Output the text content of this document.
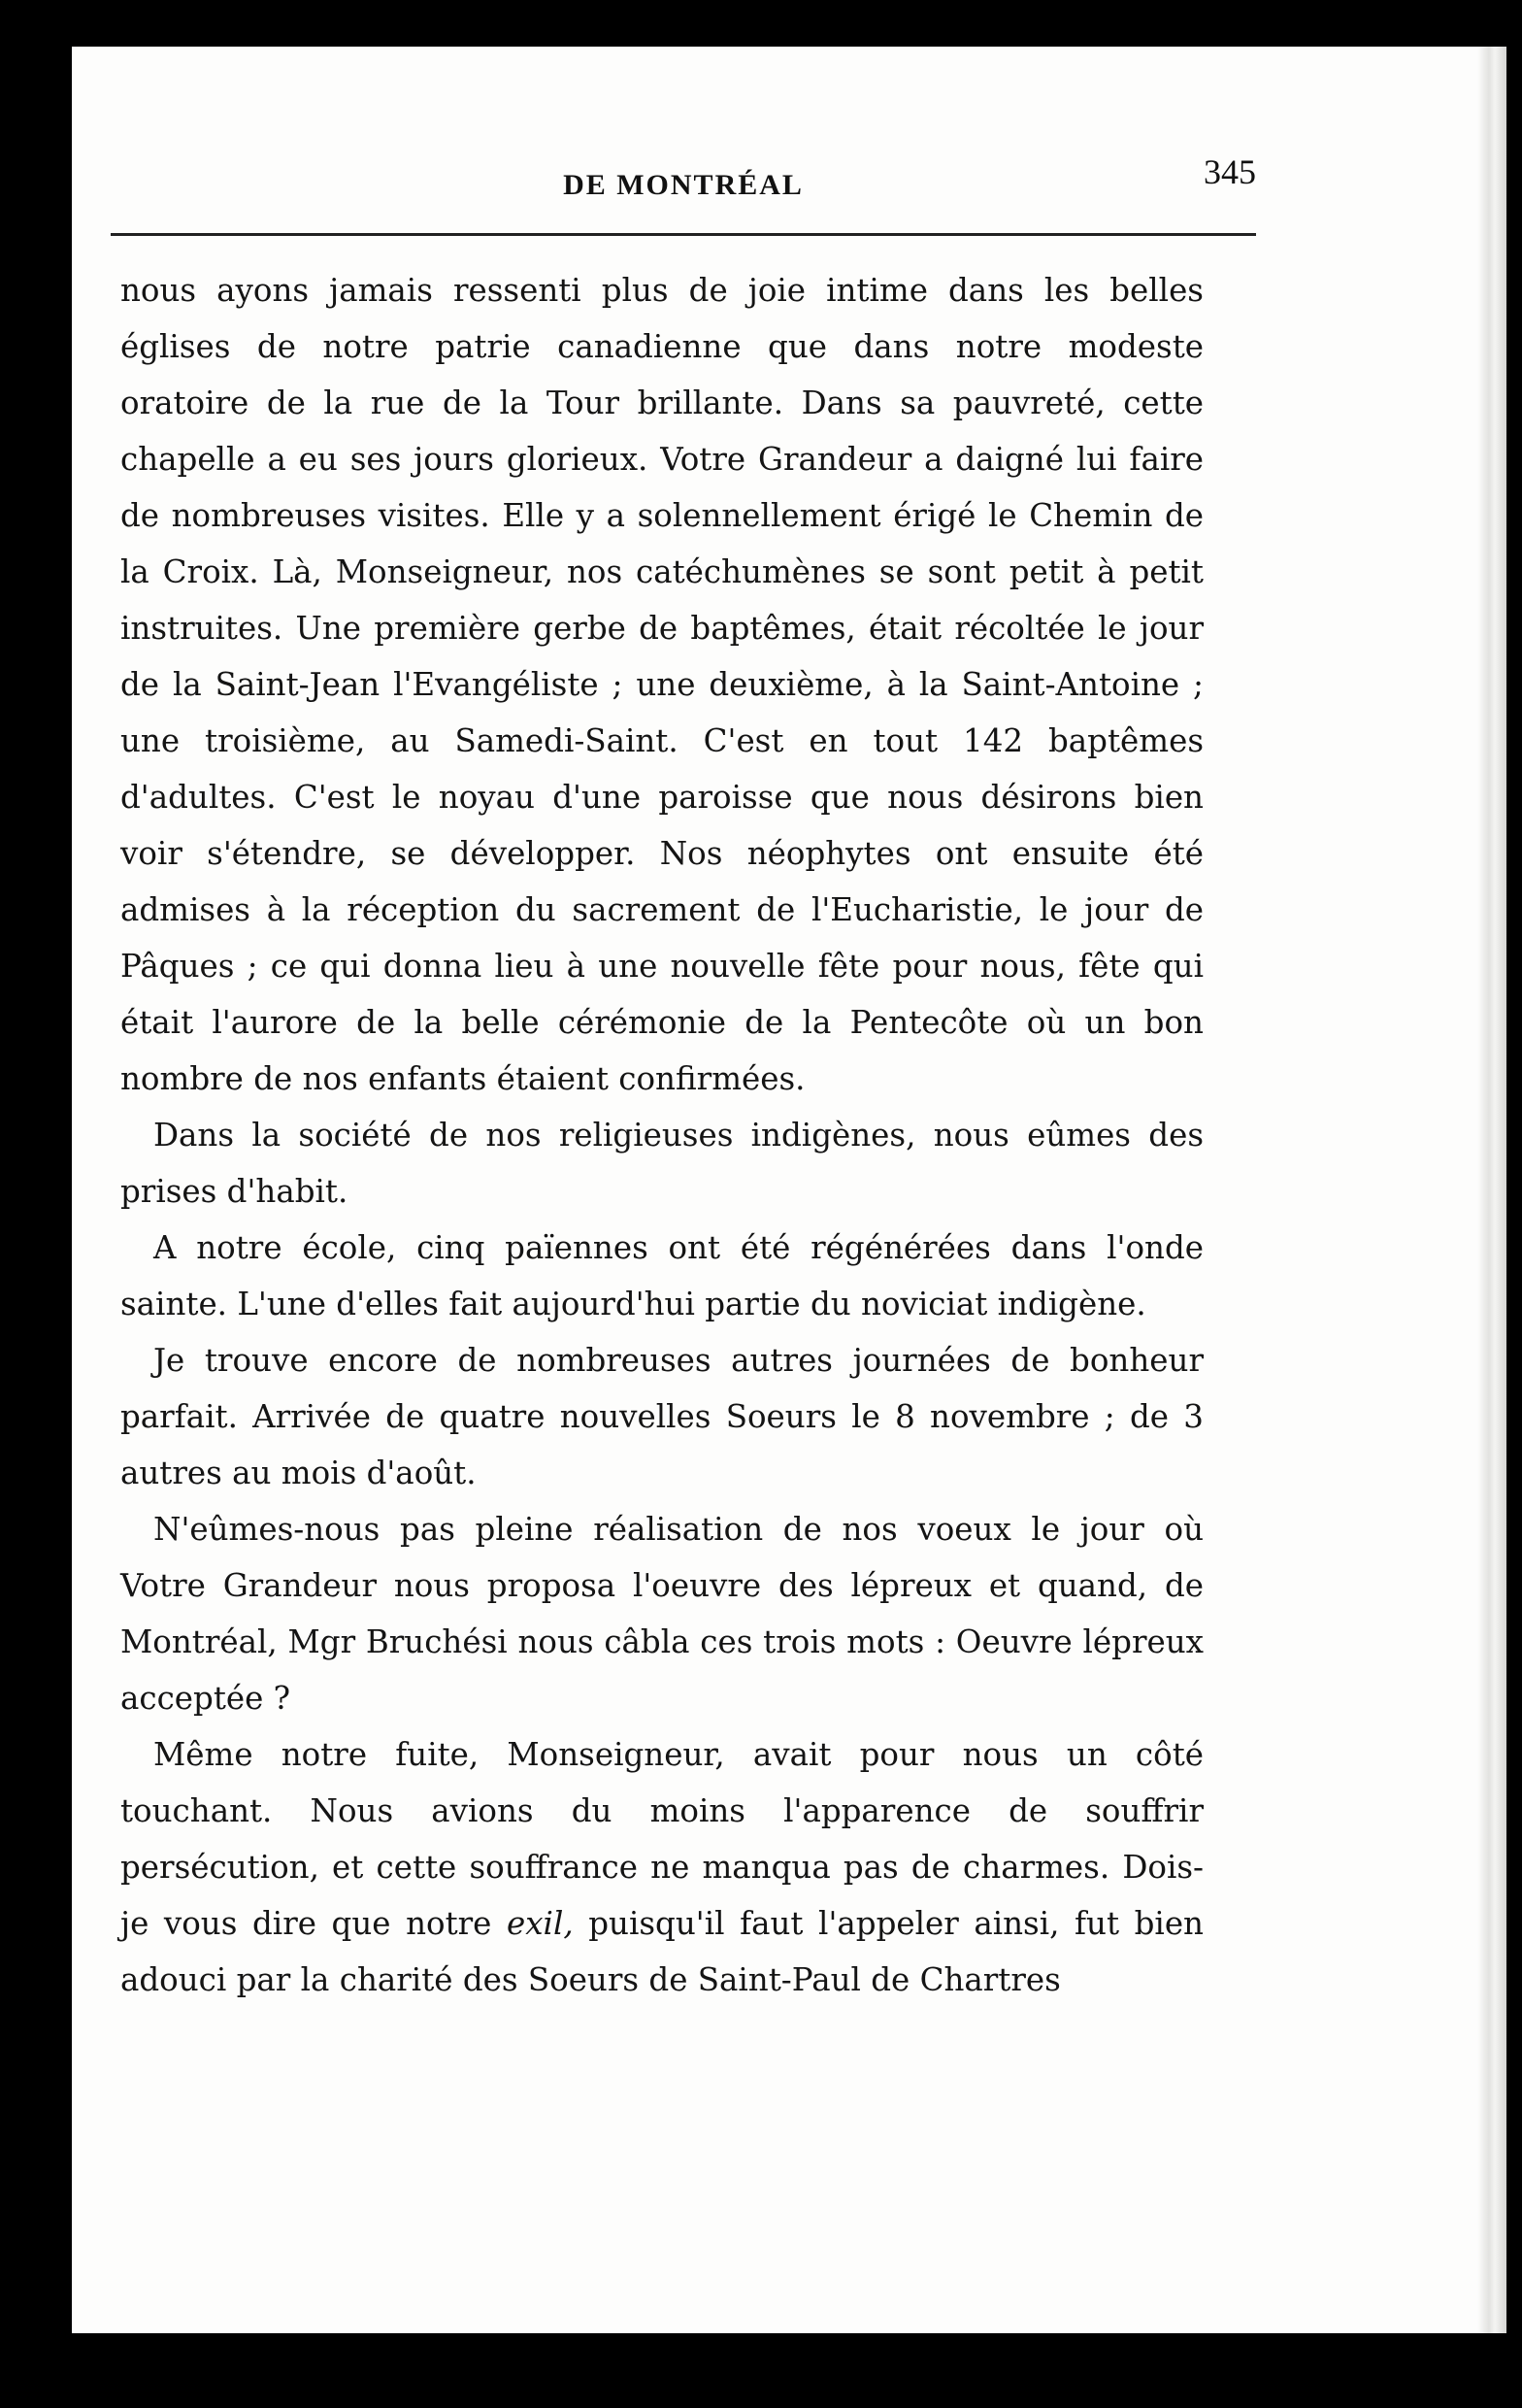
DE MONTRÉAL	345

nous ayons jamais ressenti plus de joie intime dans les belles églises de notre patrie canadienne que dans notre modeste oratoire de la rue de la Tour brillante. Dans sa pauvreté, cette chapelle a eu ses jours glorieux. Votre Grandeur a daigné lui faire de nombreuses visites. Elle y a solennellement érigé le Chemin de la Croix. Là, Monseigneur, nos catéchumènes se sont petit à petit instruites. Une première gerbe de baptêmes, était récoltée le jour de la Saint-Jean l'Evangéliste ; une deuxième, à la Saint-Antoine ; une troisième, au Samedi-Saint. C'est en tout 142 baptêmes d'adultes. C'est le noyau d'une paroisse que nous désirons bien voir s'étendre, se développer. Nos néophytes ont ensuite été admises à la réception du sacrement de l'Eucharistie, le jour de Pâques ; ce qui donna lieu à une nouvelle fête pour nous, fête qui était l'aurore de la belle cérémonie de la Pentecôte où un bon nombre de nos enfants étaient confirmées.

Dans la société de nos religieuses indigènes, nous eûmes des prises d'habit.

A notre école, cinq païennes ont été régénérées dans l'onde sainte. L'une d'elles fait aujourd'hui partie du noviciat indigène.

Je trouve encore de nombreuses autres journées de bonheur parfait. Arrivée de quatre nouvelles Soeurs le 8 novembre ; de 3 autres au mois d'août.

N'eûmes-nous pas pleine réalisation de nos voeux le jour où Votre Grandeur nous proposa l'oeuvre des lépreux et quand, de Montréal, Mgr Bruchési nous câbla ces trois mots : Oeuvre lépreux acceptée ?

Même notre fuite, Monseigneur, avait pour nous un côté touchant. Nous avions du moins l'apparence de souffrir persécution, et cette souffrance ne manqua pas de charmes. Dois-je vous dire que notre exil, puisqu'il faut l'appeler ainsi, fut bien adouci par la charité des Soeurs de Saint-Paul de Chartres
